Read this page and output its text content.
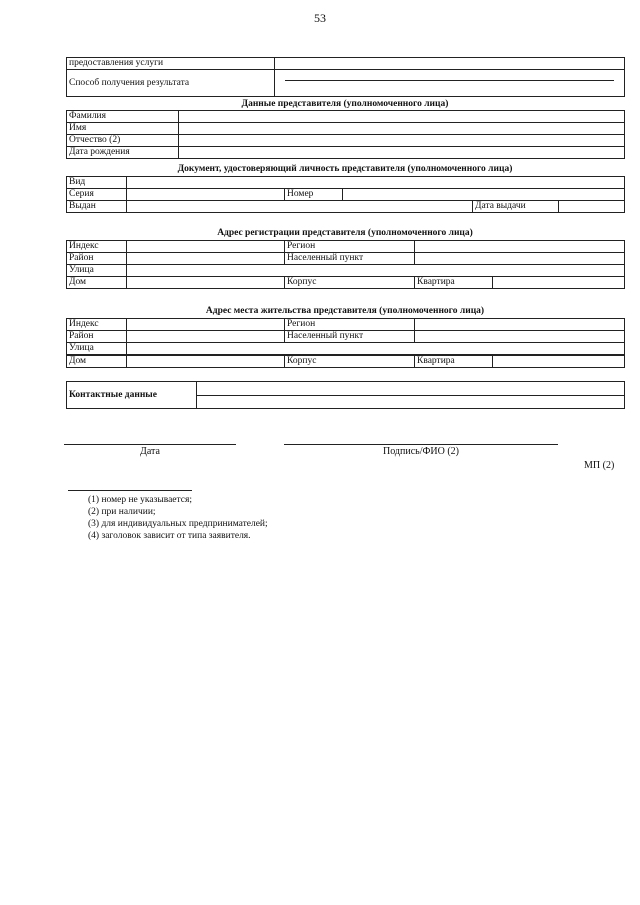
53
предоставления услуги	
Способ получения результата	
Данные представителя (уполномоченного лица)
Фамилия	
Имя	
Отчество (2)	
Дата рождения	
Документ, удостоверяющий личность представителя (уполномоченного лица)
Вид					
Серия		Номер			
Выдан				Дата выдачи	
Адрес регистрации представителя (уполномоченного лица)
Индекс		Регион	
Район		Населенный пункт	
Улица			
Дом		Корпус	Квартира	
Адрес места жительства представителя (уполномоченного лица)
Индекс		Регион	
Район		Населенный пункт	
Улица			
Дом		Корпус	Квартира	
Контактные данные	
Дата	Подпись/ФИО (2)
МП (2)
(1) номер не указывается;
(2) при наличии;
(3) для индивидуальных предпринимателей;
(4) заголовок зависит от типа заявителя.
